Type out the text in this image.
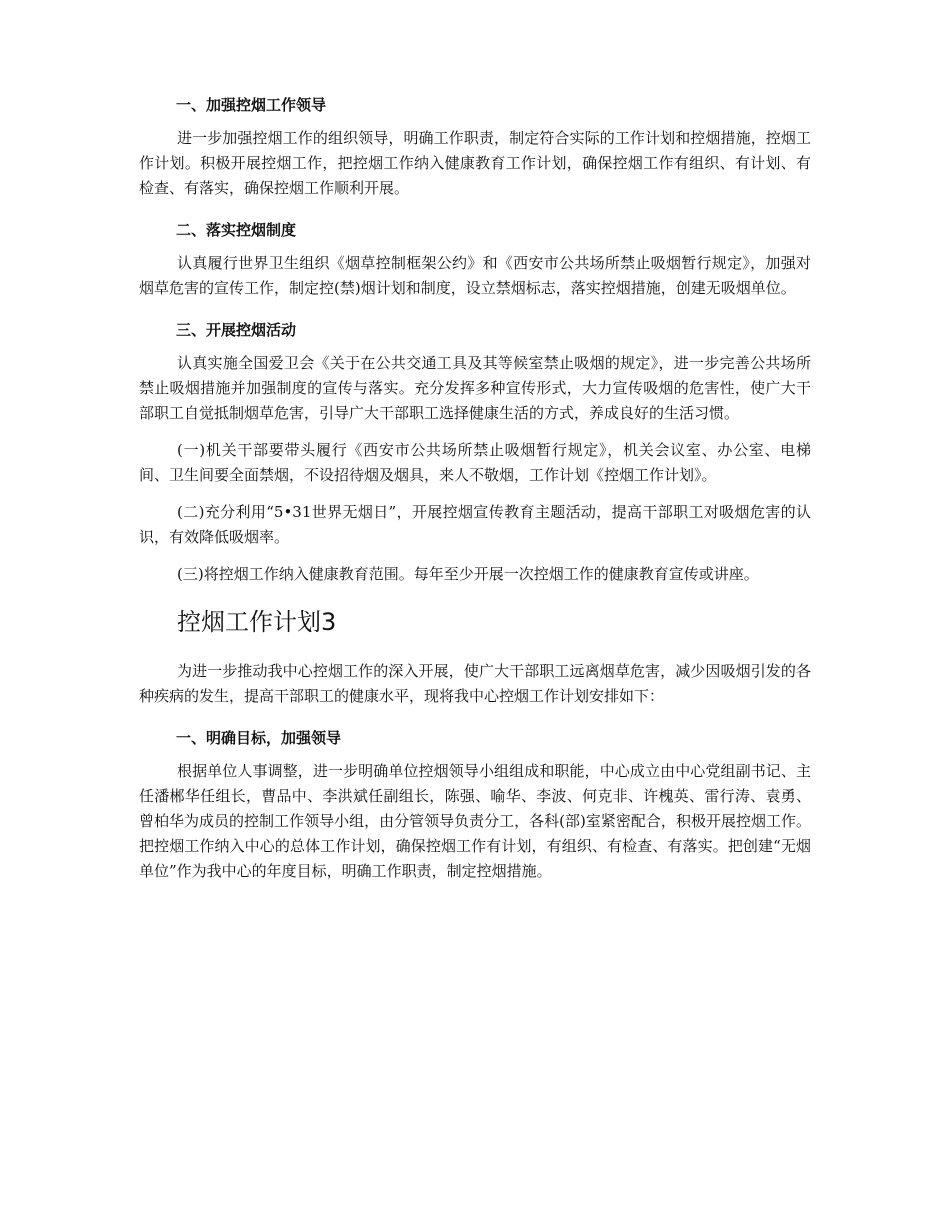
一、加强控烟工作领导

进一步加强控烟工作的组织领导，明确工作职责，制定符合实际的工作计划和控烟措施，控烟工作计划。积极开展控烟工作，把控烟工作纳入健康教育工作计划，确保控烟工作有组织、有计划、有检查、有落实，确保控烟工作顺利开展。

二、落实控烟制度

认真履行世界卫生组织《烟草控制框架公约》和《西安市公共场所禁止吸烟暂行规定》，加强对烟草危害的宣传工作，制定控(禁)烟计划和制度，设立禁烟标志，落实控烟措施，创建无吸烟单位。

三、开展控烟活动

认真实施全国爱卫会《关于在公共交通工具及其等候室禁止吸烟的规定》，进一步完善公共场所禁止吸烟措施并加强制度的宣传与落实。充分发挥多种宣传形式，大力宣传吸烟的危害性，使广大干部职工自觉抵制烟草危害，引导广大干部职工选择健康生活的方式，养成良好的生活习惯。

(一)机关干部要带头履行《西安市公共场所禁止吸烟暂行规定》，机关会议室、办公室、电梯间、卫生间要全面禁烟，不设招待烟及烟具，来人不敬烟，工作计划《控烟工作计划》。

(二)充分利用“5•31世界无烟日”，开展控烟宣传教育主题活动，提高干部职工对吸烟危害的认识，有效降低吸烟率。

(三)将控烟工作纳入健康教育范围。每年至少开展一次控烟工作的健康教育宣传或讲座。

控烟工作计划3

为进一步推动我中心控烟工作的深入开展，使广大干部职工远离烟草危害，减少因吸烟引发的各种疾病的发生，提高干部职工的健康水平，现将我中心控烟工作计划安排如下：

一、明确目标，加强领导

根据单位人事调整，进一步明确单位控烟领导小组组成和职能，中心成立由中心党组副书记、主任潘郴华任组长，曹品中、李洪斌任副组长，陈强、喻华、李波、何克非、许槐英、雷行涛、袁勇、曾柏华为成员的控制工作领导小组，由分管领导负责分工，各科(部)室紧密配合，积极开展控烟工作。把控烟工作纳入中心的总体工作计划，确保控烟工作有计划，有组织、有检查、有落实。把创建“无烟单位”作为我中心的年度目标，明确工作职责，制定控烟措施。
